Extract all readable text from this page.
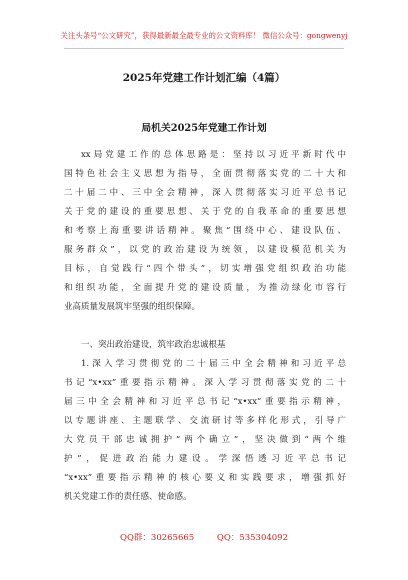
关注头条号“公文研究”，获得最新最全最专业的公文资料库！ 微信公众号：gongwenyj
2025年党建工作计划汇编（4篇）
局机关2025年党建工作计划
xx局党建工作的总体思路是：坚持以习近平新时代中
国特色社会主义思想为指导，全面贯彻落实党的二十大和
二十届二中、三中全会精神，深入贯彻落实习近平总书记
关于党的建设的重要思想、关于党的自我革命的重要思想
和考察上海重要讲话精神。聚焦“围绕中心、建设队伍、
服务群众”，以党的政治建设为统领，以建设模范机关为
目标，自觉践行“四个带头”，切实增强党组织政治功能
和组织功能，全面提升党的建设质量，为推动绿化市容行
业高质量发展筑牢坚强的组织保障。
一、突出政治建设，筑牢政治忠诚根基
1.深入学习贯彻党的二十届三中全会精神和习近平总
书记“x•xx”重要指示精神。深入学习贯彻落实党的二十
届三中全会精神和习近平总书记“x•xx”重要指示精神，
以专题讲座、主题联学、交流研讨等多样化形式，引导广
大党员干部忠诚拥护“两个确立”，坚决做到“两个维
护”，促进政治能力建设。学深悟透习近平总书记
“x•xx”重要指示精神的核心要义和实践要求，增强抓好
机关党建工作的责任感、使命感。
QQ群：30265665	QQ：535304092
